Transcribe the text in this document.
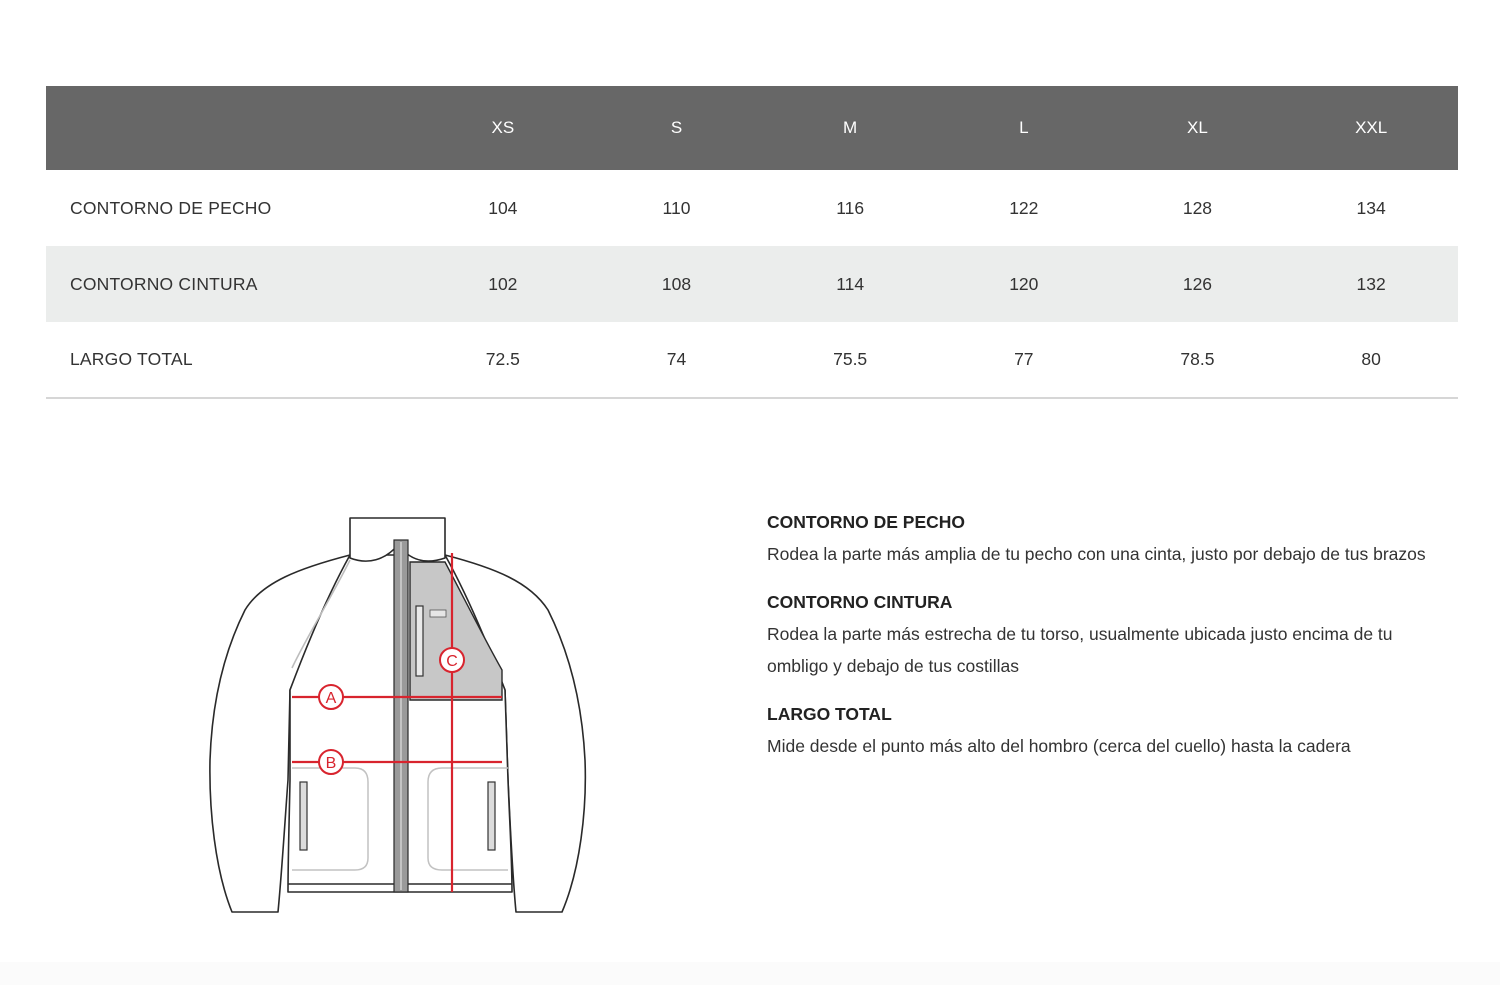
	XS	S	M	L	XL	XXL
CONTORNO DE PECHO	104	110	116	122	128	134
CONTORNO CINTURA	102	108	114	120	126	132
LARGO TOTAL	72.5	74	75.5	77	78.5	80
A
B
C
CONTORNO DE PECHO
Rodea la parte más amplia de tu pecho con una cinta, justo por debajo de tus brazos
CONTORNO CINTURA
Rodea la parte más estrecha de tu torso, usualmente ubicada justo encima de tu ombligo y debajo de tus costillas
LARGO TOTAL
Mide desde el punto más alto del hombro (cerca del cuello) hasta la cadera
